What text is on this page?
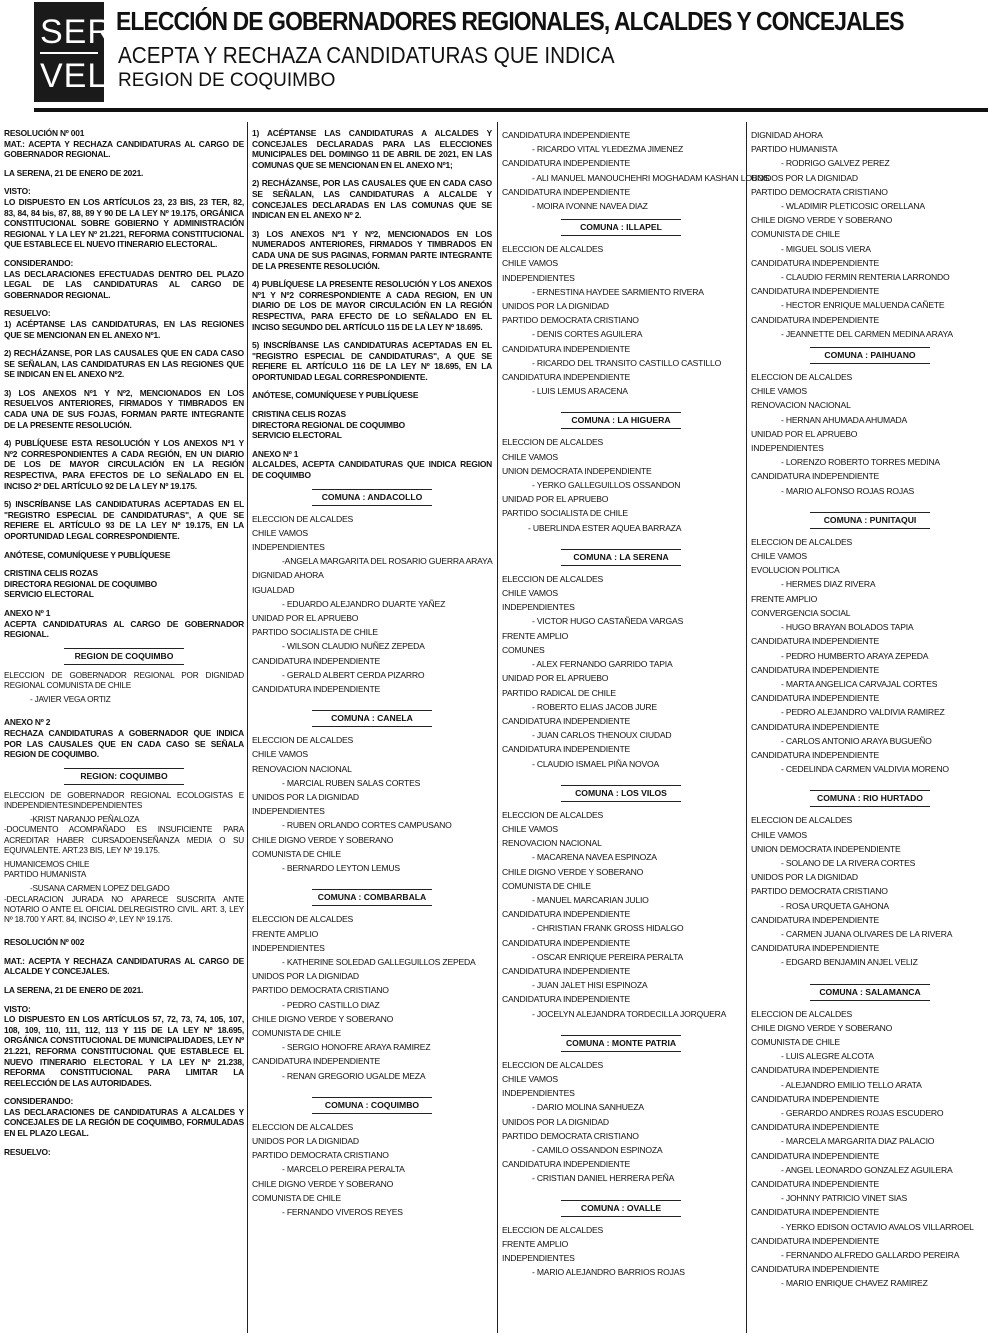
SER
VEL
ELECCIÓN DE GOBERNADORES REGIONALES, ALCALDES Y CONCEJALES
ACEPTA Y RECHAZA CANDIDATURAS QUE INDICA
REGION DE COQUIMBO
RESOLUCIÓN Nº 001
MAT.: ACEPTA Y RECHAZA CANDIDATURAS AL CARGO DE GOBERNADOR REGIONAL.
LA SERENA, 21 DE ENERO DE 2021.
VISTO:
LO DISPUESTO EN LOS ARTÍCULOS 23, 23 BIS, 23 TER, 82, 83, 84, 84 bis, 87, 88, 89 Y 90 DE LA LEY Nº 19.175, ORGÁNICA CONSTITUCIONAL SOBRE GOBIERNO Y ADMINISTRACIÓN REGIONAL Y LA LEY Nº 21.221, REFORMA CONSTITUCIONAL QUE ESTABLECE EL NUEVO ITINERARIO ELECTORAL.
CONSIDERANDO:
LAS DECLARACIONES EFECTUADAS DENTRO DEL PLAZO LEGAL DE LAS CANDIDATURAS AL CARGO DE GOBERNADOR REGIONAL.
RESUELVO:
1) ACÉPTANSE LAS CANDIDATURAS, EN LAS REGIONES QUE SE MENCIONAN EN EL ANEXO Nº1.
2) RECHÁZANSE, POR LAS CAUSALES QUE EN CADA CASO SE SEÑALAN, LAS CANDIDATURAS EN LAS REGIONES QUE SE INDICAN EN EL ANEXO Nº2.
3) LOS ANEXOS Nº1 Y Nº2, MENCIONADOS EN LOS RESUELVOS ANTERIORES, FIRMADOS Y TIMBRADOS EN CADA UNA DE SUS FOJAS, FORMAN PARTE INTEGRANTE DE LA PRESENTE RESOLUCIÓN.
4) PUBLÍQUESE ESTA RESOLUCIÓN Y LOS ANEXOS Nº1 Y Nº2 CORRESPONDIENTES A CADA REGIÓN, EN UN DIARIO DE LOS DE MAYOR CIRCULACIÓN EN LA REGIÓN RESPECTIVA, PARA EFECTOS DE LO SEÑALADO EN EL INCISO 2º DEL ARTÍCULO 92 DE LA LEY Nº 19.175.
5) INSCRÍBANSE LAS CANDIDATURAS ACEPTADAS EN EL "REGISTRO ESPECIAL DE CANDIDATURAS", A QUE SE REFIERE EL ARTÍCULO 93 DE LA LEY Nº 19.175, EN LA OPORTUNIDAD LEGAL CORRESPONDIENTE.
ANÓTESE, COMUNÍQUESE Y PUBLÍQUESE
CRISTINA CELIS ROZAS
DIRECTORA REGIONAL DE COQUIMBO
SERVICIO ELECTORAL
ANEXO Nº 1
ACEPTA CANDIDATURAS AL CARGO DE GOBERNADOR REGIONAL.
REGION DE COQUIMBO
ELECCION DE GOBERNADOR REGIONAL POR DIGNIDAD REGIONAL COMUNISTA DE CHILE
- JAVIER VEGA ORTIZ
ANEXO Nº 2
RECHAZA CANDIDATURAS A GOBERNADOR QUE INDICA POR LAS CAUSALES QUE EN CADA CASO SE SEÑALA REGION DE COQUIMBO.
REGION: COQUIMBO
ELECCION DE GOBERNADOR REGIONAL ECOLOGISTAS E INDEPENDIENTESINDEPENDIENTES
-KRIST NARANJO PEÑALOZA
-DOCUMENTO ACOMPAÑADO ES INSUFICIENTE PARA ACREDITAR HABER CURSADOENSEÑANZA MEDIA O SU EQUIVALENTE. ART.23 BIS, LEY Nº 19.175.
HUMANICEMOS CHILE
PARTIDO HUMANISTA
-SUSANA CARMEN LOPEZ DELGADO
-DECLARACION JURADA NO APARECE SUSCRITA ANTE NOTARIO O ANTE EL OFICIAL DELREGISTRO CIVIL. ART. 3, LEY Nº 18.700 Y ART. 84, INCISO 4º, LEY Nº 19.175.
RESOLUCIÓN Nº 002
MAT.: ACEPTA Y RECHAZA CANDIDATURAS AL CARGO DE ALCALDE Y CONCEJALES.
LA SERENA, 21 DE ENERO DE 2021.
VISTO:
LO DISPUESTO EN LOS ARTÍCULOS 57, 72, 73, 74, 105, 107, 108, 109, 110, 111, 112, 113 Y 115 DE LA LEY Nº 18.695, ORGÁNICA CONSTITUCIONAL DE MUNICIPALIDADES, LEY Nº 21.221, REFORMA CONSTITUCIONAL QUE ESTABLECE EL NUEVO ITINERARIO ELECTORAL Y LA LEY Nº 21.238, REFORMA CONSTITUCIONAL PARA LIMITAR LA REELECCIÓN DE LAS AUTORIDADES.
CONSIDERANDO:
LAS DECLARACIONES DE CANDIDATURAS A ALCALDES Y CONCEJALES DE LA REGIÓN DE COQUIMBO, FORMULADAS EN EL PLAZO LEGAL.
RESUELVO:
1) ACÉPTANSE LAS CANDIDATURAS A ALCALDES Y CONCEJALES DECLARADAS PARA LAS ELECCIONES MUNICIPALES DEL DOMINGO 11 DE ABRIL DE 2021, EN LAS COMUNAS QUE SE MENCIONAN EN EL ANEXO Nº1;
2) RECHÁZANSE, POR LAS CAUSALES QUE EN CADA CASO SE SEÑALAN, LAS CANDIDATURAS A ALCALDE Y CONCEJALES DECLARADAS EN LAS COMUNAS QUE SE INDICAN EN EL ANEXO Nº 2.
3) LOS ANEXOS Nº1 Y Nº2, MENCIONADOS EN LOS NUMERADOS ANTERIORES, FIRMADOS Y TIMBRADOS EN CADA UNA DE SUS PAGINAS, FORMAN PARTE INTEGRANTE DE LA PRESENTE RESOLUCIÓN.
4) PUBLÍQUESE LA PRESENTE RESOLUCIÓN Y LOS ANEXOS Nº1 Y Nº2 CORRESPONDIENTE A CADA REGION, EN UN DIARIO DE LOS DE MAYOR CIRCULACIÓN EN LA REGIÓN RESPECTIVA, PARA EFECTO DE LO SEÑALADO EN EL INCISO SEGUNDO DEL ARTÍCULO 115 DE LA LEY Nº 18.695.
5) INSCRÍBANSE LAS CANDIDATURAS ACEPTADAS EN EL "REGISTRO ESPECIAL DE CANDIDATURAS", A QUE SE REFIERE EL ARTÍCULO 116 DE LA LEY Nº 18.695, EN LA OPORTUNIDAD LEGAL CORRESPONDIENTE.
ANÓTESE, COMUNÍQUESE Y PUBLÍQUESE
CRISTINA CELIS ROZAS
DIRECTORA REGIONAL DE COQUIMBO
SERVICIO ELECTORAL
ANEXO Nº 1
ALCALDES, ACEPTA CANDIDATURAS QUE INDICA REGION DE COQUIMBO
COMUNA : ANDACOLLO
ELECCION DE ALCALDES
CHILE VAMOS
INDEPENDIENTES
-ANGELA MARGARITA DEL ROSARIO GUERRA ARAYA
DIGNIDAD AHORA
IGUALDAD
- EDUARDO ALEJANDRO DUARTE YAÑEZ
UNIDAD POR EL APRUEBO
PARTIDO SOCIALISTA DE CHILE
- WILSON CLAUDIO NUÑEZ ZEPEDA
CANDIDATURA INDEPENDIENTE
- GERALD ALBERT CERDA PIZARRO
CANDIDATURA INDEPENDIENTE
COMUNA : CANELA
ELECCION DE ALCALDES
CHILE VAMOS
RENOVACION NACIONAL
- MARCIAL RUBEN SALAS CORTES
UNIDOS POR LA DIGNIDAD
INDEPENDIENTES
- RUBEN ORLANDO CORTES CAMPUSANO
CHILE DIGNO VERDE Y SOBERANO
COMUNISTA DE CHILE
- BERNARDO LEYTON LEMUS
COMUNA : COMBARBALA
ELECCION DE ALCALDES
FRENTE AMPLIO
INDEPENDIENTES
- KATHERINE SOLEDAD GALLEGUILLOS ZEPEDA
UNIDOS POR LA DIGNIDAD
PARTIDO DEMOCRATA CRISTIANO
- PEDRO CASTILLO DIAZ
CHILE DIGNO VERDE Y SOBERANO
COMUNISTA DE CHILE
- SERGIO HONOFRE ARAYA RAMIREZ
CANDIDATURA INDEPENDIENTE
- RENAN GREGORIO UGALDE MEZA
COMUNA : COQUIMBO
ELECCION DE ALCALDES
UNIDOS POR LA DIGNIDAD
PARTIDO DEMOCRATA CRISTIANO
- MARCELO PEREIRA PERALTA
CHILE DIGNO VERDE Y SOBERANO
COMUNISTA DE CHILE
- FERNANDO VIVEROS REYES
CANDIDATURA INDEPENDIENTE
- RICARDO VITAL YLEDEZMA JIMENEZ
CANDIDATURA INDEPENDIENTE
- ALI MANUEL MANOUCHEHRI MOGHADAM KASHAN LOBOS
CANDIDATURA INDEPENDIENTE
- MOIRA IVONNE NAVEA DIAZ
COMUNA : ILLAPEL
ELECCION DE ALCALDES
CHILE VAMOS
INDEPENDIENTES
- ERNESTINA HAYDEE SARMIENTO RIVERA
UNIDOS POR LA DIGNIDAD
PARTIDO DEMOCRATA CRISTIANO
- DENIS CORTES AGUILERA
CANDIDATURA INDEPENDIENTE
- RICARDO DEL TRANSITO CASTILLO CASTILLO
CANDIDATURA INDEPENDIENTE
- LUIS LEMUS ARACENA
COMUNA : LA HIGUERA
ELECCION DE ALCALDES
CHILE VAMOS
UNION DEMOCRATA INDEPENDIENTE
- YERKO GALLEGUILLOS OSSANDON
UNIDAD POR EL APRUEBO
PARTIDO SOCIALISTA DE CHILE
- UBERLINDA ESTER AQUEA BARRAZA
COMUNA : LA SERENA
ELECCION DE ALCALDES
CHILE VAMOS
INDEPENDIENTES
- VICTOR HUGO CASTAÑEDA VARGAS
FRENTE AMPLIO
COMUNES
- ALEX FERNANDO GARRIDO TAPIA
UNIDAD POR EL APRUEBO
PARTIDO RADICAL DE CHILE
- ROBERTO ELIAS JACOB JURE
CANDIDATURA INDEPENDIENTE
- JUAN CARLOS THENOUX CIUDAD
CANDIDATURA INDEPENDIENTE
- CLAUDIO ISMAEL PIÑA NOVOA
COMUNA : LOS VILOS
ELECCION DE ALCALDES
CHILE VAMOS
RENOVACION NACIONAL
- MACARENA NAVEA ESPINOZA
CHILE DIGNO VERDE Y SOBERANO
COMUNISTA DE CHILE
- MANUEL MARCARIAN JULIO
CANDIDATURA INDEPENDIENTE
- CHRISTIAN FRANK GROSS HIDALGO
CANDIDATURA INDEPENDIENTE
- OSCAR ENRIQUE PEREIRA PERALTA
CANDIDATURA INDEPENDIENTE
- JUAN JALET HISI ESPINOZA
CANDIDATURA INDEPENDIENTE
- JOCELYN ALEJANDRA TORDECILLA JORQUERA
COMUNA : MONTE PATRIA
ELECCION DE ALCALDES
CHILE VAMOS
INDEPENDIENTES
- DARIO MOLINA SANHUEZA
UNIDOS POR LA DIGNIDAD
PARTIDO DEMOCRATA CRISTIANO
- CAMILO OSSANDON ESPINOZA
CANDIDATURA INDEPENDIENTE
- CRISTIAN DANIEL HERRERA PEÑA
COMUNA : OVALLE
ELECCION DE ALCALDES
FRENTE AMPLIO
INDEPENDIENTES
- MARIO ALEJANDRO BARRIOS ROJAS
DIGNIDAD AHORA
PARTIDO HUMANISTA
- RODRIGO GALVEZ PEREZ
UNIDOS POR LA DIGNIDAD
PARTIDO DEMOCRATA CRISTIANO
- WLADIMIR PLETICOSIC ORELLANA
CHILE DIGNO VERDE Y SOBERANO
COMUNISTA DE CHILE
- MIGUEL SOLIS VIERA
CANDIDATURA INDEPENDIENTE
- CLAUDIO FERMIN RENTERIA LARRONDO
CANDIDATURA INDEPENDIENTE
- HECTOR ENRIQUE MALUENDA CAÑETE
CANDIDATURA INDEPENDIENTE
- JEANNETTE DEL CARMEN MEDINA ARAYA
COMUNA : PAIHUANO
ELECCION DE ALCALDES
CHILE VAMOS
RENOVACION NACIONAL
- HERNAN AHUMADA AHUMADA
UNIDAD POR EL APRUEBO
INDEPENDIENTES
- LORENZO ROBERTO TORRES MEDINA
CANDIDATURA INDEPENDIENTE
- MARIO ALFONSO ROJAS ROJAS
COMUNA : PUNITAQUI
ELECCION DE ALCALDES
CHILE VAMOS
EVOLUCION POLITICA
- HERMES DIAZ RIVERA
FRENTE AMPLIO
CONVERGENCIA SOCIAL
- HUGO BRAYAN BOLADOS TAPIA
CANDIDATURA INDEPENDIENTE
- PEDRO HUMBERTO ARAYA ZEPEDA
CANDIDATURA INDEPENDIENTE
- MARTA ANGELICA CARVAJAL CORTES
CANDIDATURA INDEPENDIENTE
- PEDRO ALEJANDRO VALDIVIA RAMIREZ
CANDIDATURA INDEPENDIENTE
- CARLOS ANTONIO ARAYA BUGUEÑO
CANDIDATURA INDEPENDIENTE
- CEDELINDA CARMEN VALDIVIA MORENO
COMUNA : RIO HURTADO
ELECCION DE ALCALDES
CHILE VAMOS
UNION DEMOCRATA INDEPENDIENTE
- SOLANO DE LA RIVERA CORTES
UNIDOS POR LA DIGNIDAD
PARTIDO DEMOCRATA CRISTIANO
- ROSA URQUETA GAHONA
CANDIDATURA INDEPENDIENTE
- CARMEN JUANA OLIVARES DE LA RIVERA
CANDIDATURA INDEPENDIENTE
- EDGARD BENJAMIN ANJEL VELIZ
COMUNA : SALAMANCA
ELECCION DE ALCALDES
CHILE DIGNO VERDE Y SOBERANO
COMUNISTA DE CHILE
- LUIS ALEGRE ALCOTA
CANDIDATURA INDEPENDIENTE
- ALEJANDRO EMILIO TELLO ARATA
CANDIDATURA INDEPENDIENTE
- GERARDO ANDRES ROJAS ESCUDERO
CANDIDATURA INDEPENDIENTE
- MARCELA MARGARITA DIAZ PALACIO
CANDIDATURA INDEPENDIENTE
- ANGEL LEONARDO GONZALEZ AGUILERA
CANDIDATURA INDEPENDIENTE
- JOHNNY PATRICIO VINET SIAS
CANDIDATURA INDEPENDIENTE
- YERKO EDISON OCTAVIO AVALOS VILLARROEL
CANDIDATURA INDEPENDIENTE
- FERNANDO ALFREDO GALLARDO PEREIRA
CANDIDATURA INDEPENDIENTE
- MARIO ENRIQUE CHAVEZ RAMIREZ
